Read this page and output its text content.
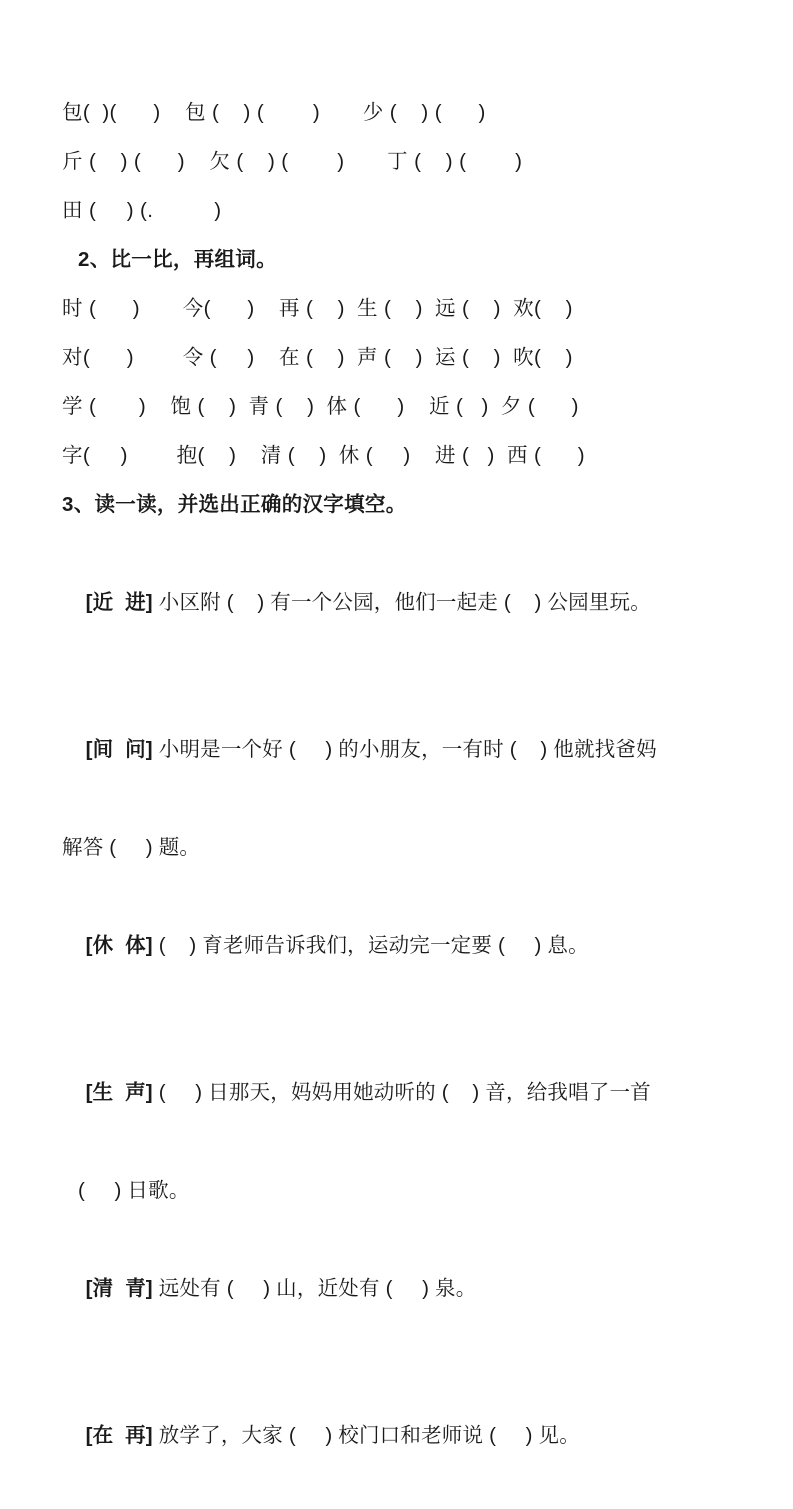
包(  )(      )    包 (    ) (        )       少 (    ) (      )
斤 (    ) (      )    欠 (    ) (        )       丁 (    ) (        )
田 (     ) (.          )
2、比一比，再组词。
时 (      )       今(      )    再 (    )  生 (    )  远 (    )  欢(    )
对(      )        令 (     )    在 (    )  声 (    )  运 (    )  吹(    )
学 (       )    饱 (    )  青 (    )  体 (      )    近 (   )  夕 (      )
字(     )        抱(    )    清 (    )  休 (     )    进 (   )  西 (      )
3、读一读，并选出正确的汉字填空。

[近  进] 小区附 (    ) 有一个公园，他们一起走 (    ) 公园里玩。

[间  问] 小明是一个好 (     ) 的小朋友，一有时 (    ) 他就找爸妈

解答 (     ) 题。

[休  体] (    ) 育老师告诉我们，运动完一定要 (     ) 息。

[生  声] (     ) 日那天，妈妈用她动听的 (    ) 音，给我唱了一首

(     ) 日歌。

[清  青] 远处有 (     ) 山，近处有 (     ) 泉。

[在  再] 放学了，大家 (     ) 校门口和老师说 (     ) 见。
